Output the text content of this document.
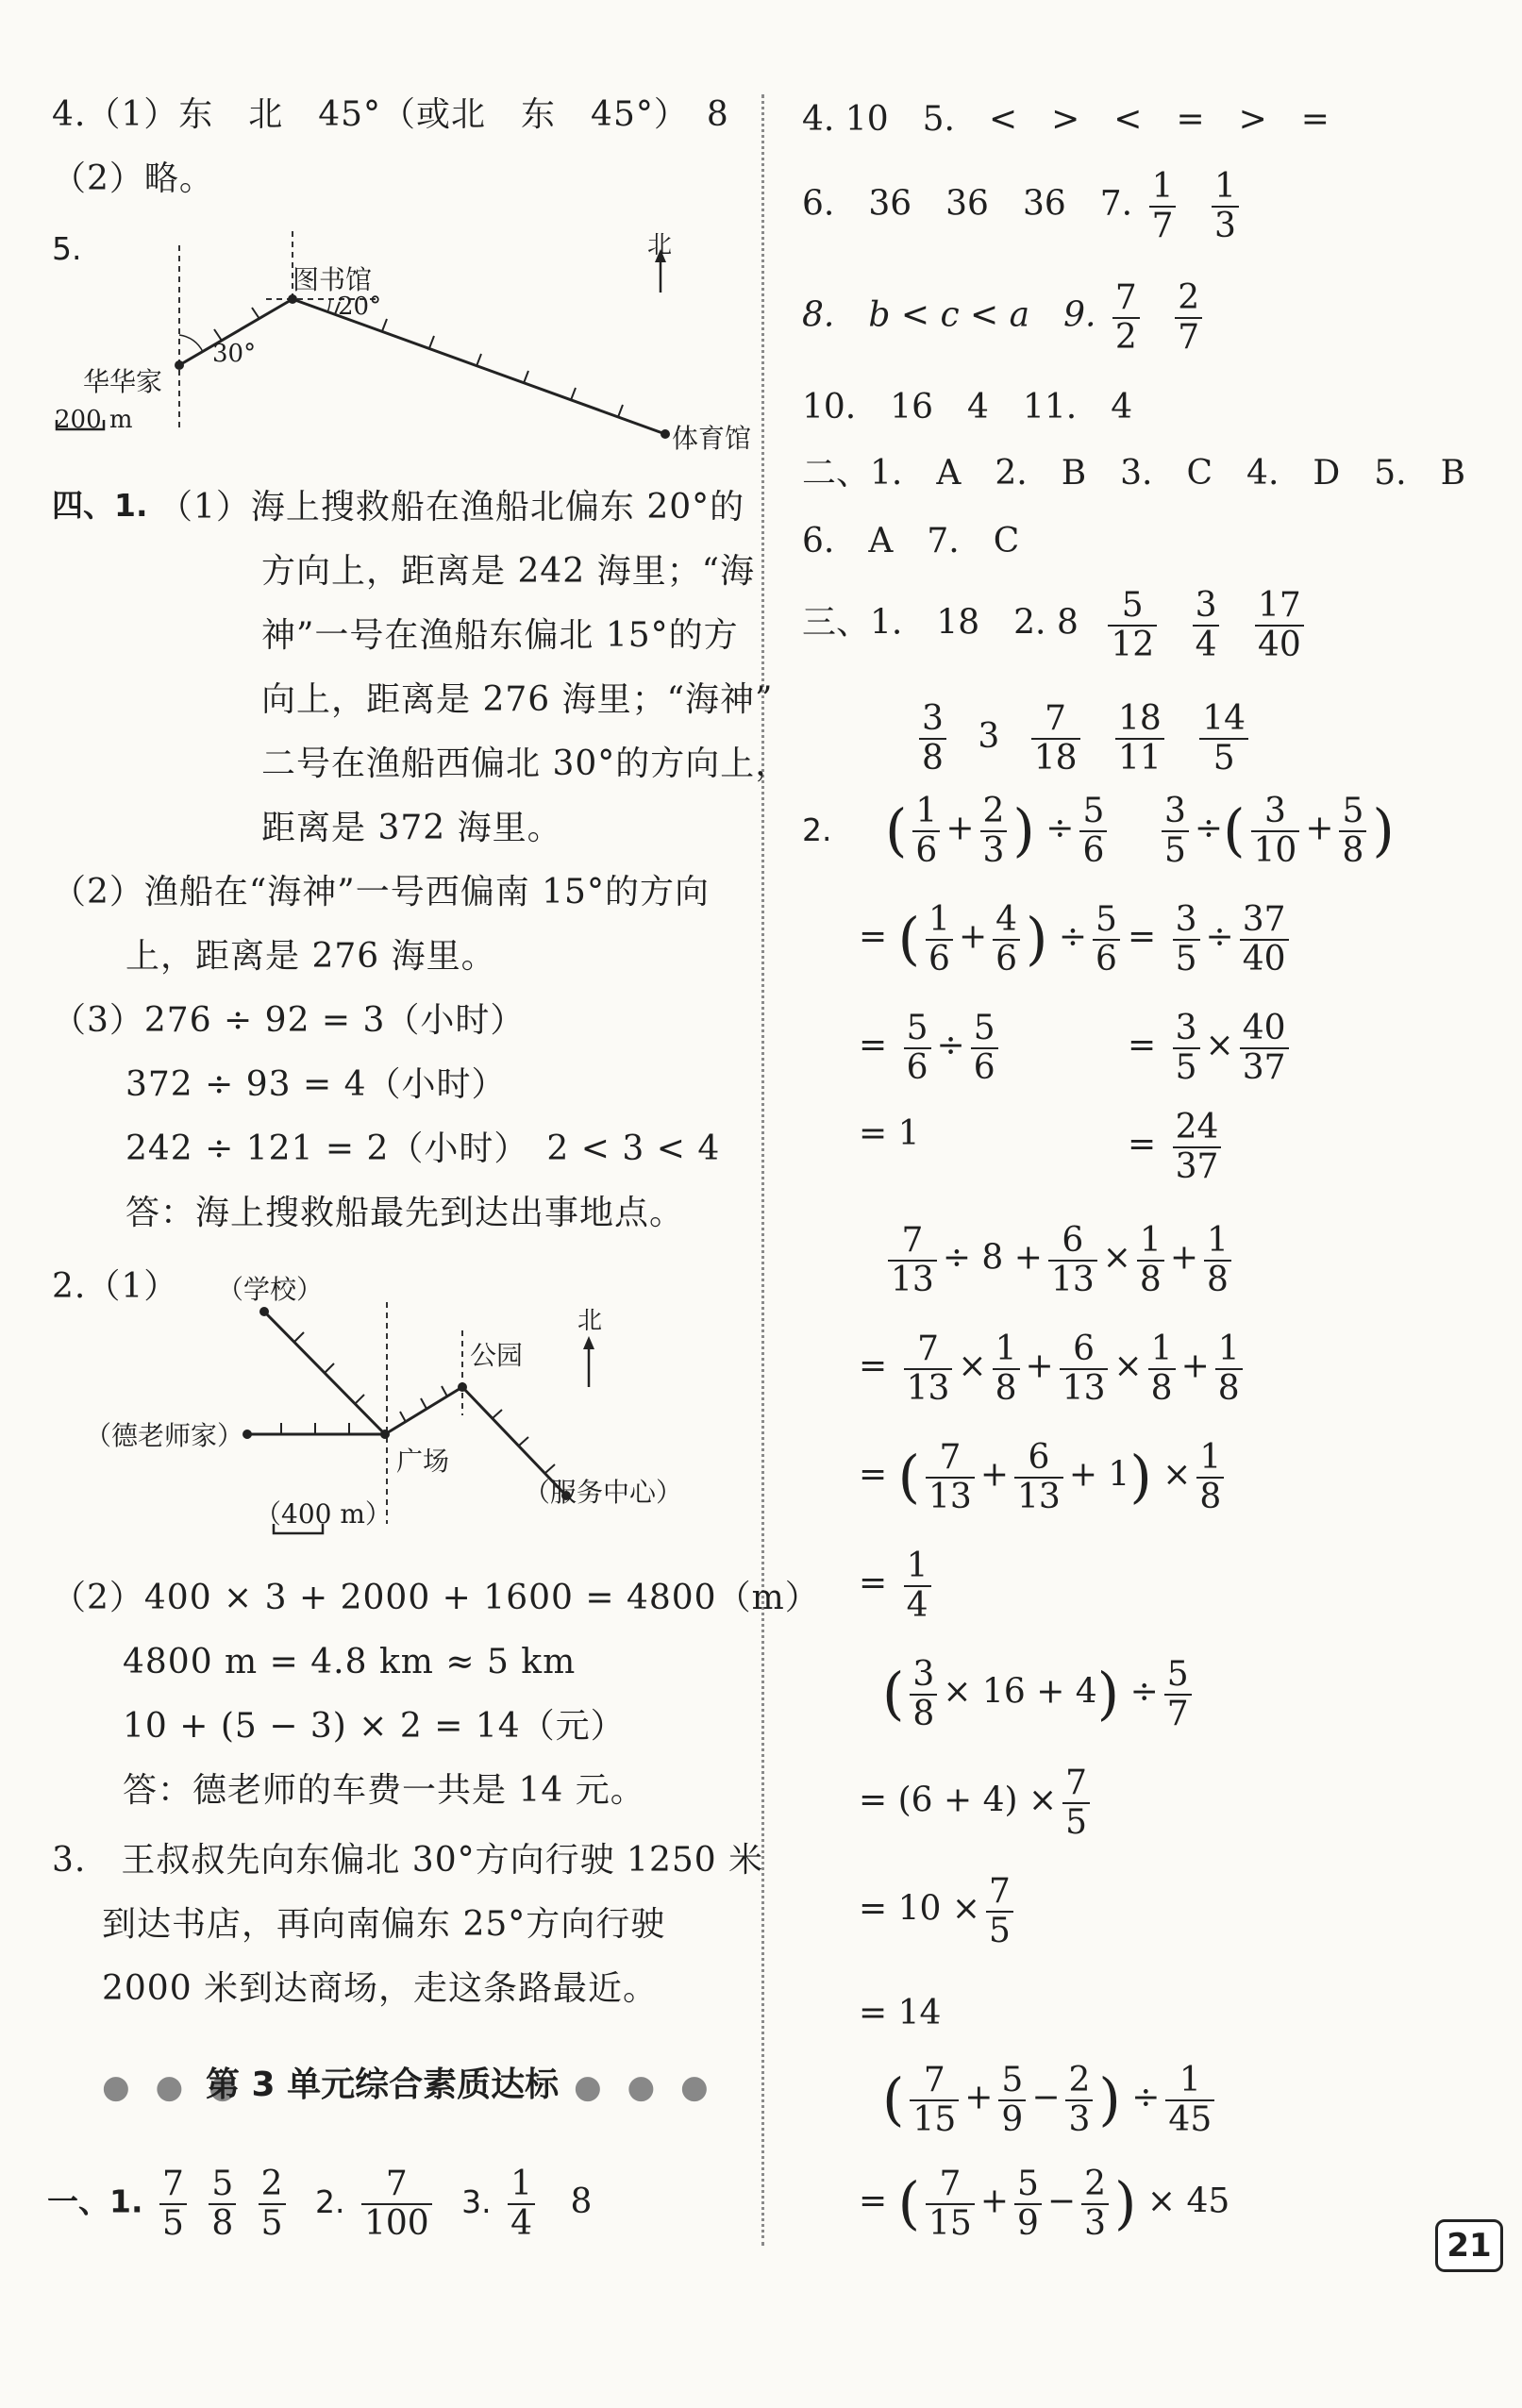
4.（1）东　北　45°（或北　东　45°）　8
（2）略。
5.
图书馆
20°
30°
华华家
体育馆
北
200 m
四、1. （1）海上搜救船在渔船北偏东 20°的
方向上，距离是 242 海里；“海
神”一号在渔船东偏北 15°的方
向上，距离是 276 海里；“海神”
二号在渔船西偏北 30°的方向上，
距离是 372 海里。
（2）渔船在“海神”一号西偏南 15°的方向
上，距离是 276 海里。
（3）276 ÷ 92 = 3（小时）
372 ÷ 93 = 4（小时）
242 ÷ 121 = 2（小时）　2 < 3 < 4
答：海上搜救船最先到达出事地点。
2.（1） （学校）
公园
北
（德老师家）
广场
（400 m）
（服务中心）
（2）400 × 3 + 2000 + 1600 = 4800（m）
4800 m = 4.8 km ≈ 5 km
10 + (5 − 3) × 2 = 14（元）
答：德老师的车费一共是 14 元。
3.　王叔叔先向东偏北 30°方向行驶 1250 米
到达书店，再向南偏东 25°方向行驶
2000 米到达商场，走这条路最近。
● ● ●
第 3 单元综合素质达标 ● ● ●
一、1. $\frac{7}{5}$
$\frac{5}{8}$
$\frac{2}{5} 2$. $\frac{7}{100} 3$. $\frac{1}{4} 8$
4. 10　5.　<　>　<　=　>　=
6.　36　36　36　7. $\frac{1}{7}$
$\frac{1}{3}$
8.　b < c < a　9. $\frac{7}{2}$
$\frac{2}{7}$
10.　16　4　11.　4
二、1.　A　2.　B　3.　C　4.　D　5.　B
6.　A　7.　C
三、1.　18　2. $8 \frac{5}{12}$
$\frac{3}{4}$
$\frac{17}{40}$
$\frac{3}{8} 3 \frac{7}{18}$
$\frac{18}{11}$
$\frac{14}{5}$
2. ( $\frac{1}{6} + \frac{2}{3}$ ) ÷ $\frac{5}{6} \frac{3}{5}$ ÷( $\frac{3}{10} + \frac{5}{8}$ )
= ( $\frac{1}{6} + \frac{4}{6}$ ) ÷ $\frac{5}{6} = \frac{3}{5} \div \frac{37}{40}$
= $\frac{5}{6} \div \frac{5}{6}$	= $\frac{3}{5} \times \frac{40}{37}$
= 1	= $\frac{24}{37}$
$\frac{7}{13} \div 8 + \frac{6}{13} \times \frac{1}{8} + \frac{1}{8}$
= $\frac{7}{13} \times \frac{1}{8} + \frac{6}{13} \times \frac{1}{8} + \frac{1}{8}$
= ( $\frac{7}{13} + \frac{6}{13} + 1) \times \frac{1}{8}$
= $\frac{1}{4}$
( $\frac{3}{8} \times 16 + 4) \div \frac{5}{7}$
= $(6 + 4) \times \frac{7}{5}$
= $10 \times \frac{7}{5}$
= 14
( $\frac{7}{15} + \frac{5}{9} - \frac{2}{3}$ ) ÷ $\frac{1}{45}$
= ( $\frac{7}{15} + \frac{5}{9} - \frac{2}{3}$ ) × 45
21
